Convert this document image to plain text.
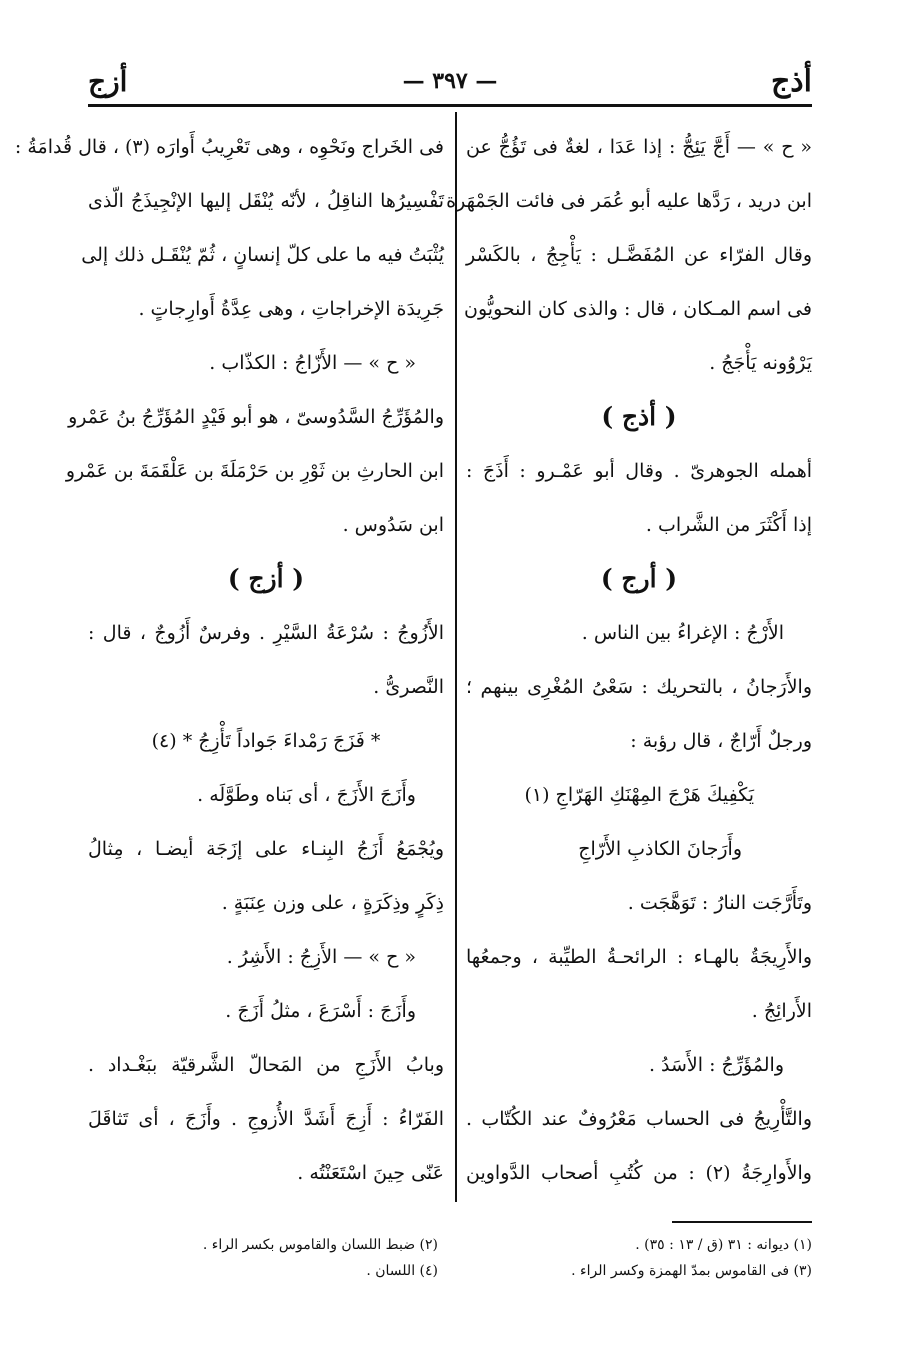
أزج	— ٣٩٧ —	أذج
« ح » — أَجَّ يَئِجُّ : إذا عَدَا ، لغةٌ فى تَؤُجُّ عن
ابن دريد ، رَدَّها عليه أبو عُمَر فى فائت الجَمْهَرة .
وقال الفرّاء عن المُفَضَّـل : يَأْجِجُ ، بالكَسْر
فى اسم المـكان ، قال : والذى كان النحويُّون
يَرْوُونه يَأْجَجُ .
( أذج )
أهمله الجوهرىّ . وقال أبو عَمْـرو : أَذَجَ :
إذا أَكْثَرَ من الشَّراب .
( أرج )
الأَرْجُ : الإغراءُ بين الناس .
والأَرَجانُ ، بالتحريك : سَعْىُ المُغْرِى بينهم ؛
ورجلٌ أَرّاجٌ ، قال رؤبة :
يَكْفِيكَ هَرْجَ المِهْنَكِ الهَرّاجِ (١)
وأَرَجانَ الكاذبِ الأَرّاجِ
وتَأَرَّجَت النارُ : تَوَهَّجَت .
والأَرِيجَةُ بالهـاء : الرائحـةُ الطيِّبة ، وجمعُها
الأَرائِجُ .
والمُؤَرِّجُ : الأَسَدُ .
والتَّأْرِيجُ فى الحساب مَعْرُوفٌ عند الكُتّاب .
والأَوارِجَةُ (٢) : من كُتُبِ أصحاب الدَّواوين
فى الخَراج ونَحْوِه ، وهى تَعْرِيبُ أَوارَه (٣) ، قال قُدامَةُ :
تَفْسِيرُها الناقِلُ ، لأنّه يُنْقَل إليها الإنْجِيذَجُ الّذى
يُثْبَتُ فيه ما على كلّ إنسانٍ ، ثُمّ يُنْقَـل ذلك إلى
جَرِيدَة الإخراجاتِ ، وهى عِدَّةُ أَوارِجاتٍ .
« ح » — الأَزّاجُ : الكذّاب .
والمُؤَرِّجُ السَّدُوسىّ ، هو أبو فَيْدٍ المُؤَرِّجُ بنُ عَمْرو
ابن الحارثِ بن ثَوْرِ بن حَرْمَلَةَ بن عَلْقَمَةَ بن عَمْرو
ابن سَدُوس .
( أزج )
الأَزُوجُ : سُرْعَةُ السَّيْرِ . وفرسٌ أَزُوجٌ ، قال :
النَّصرىُّ .
* فَزَجَ رَمْداءَ جَواداً تَأْزِجُ * (٤)
وأَزَجَ الأَزَجَ ، أى بَناه وطَوَّلَه .
ويُجْمَعُ أَزَجُ البِنـاء على إزَجَة أيضـا ، مِثالُ
ذِكَرٍ وذِكَرَةٍ ، على وزن عِنَبَةٍ .
« ح » — الأَزِجُ : الأَشِرُ .
وأَزَجَ : أَسْرَعَ ، مثلُ أَزَجَ .
وبابُ الأَزَجِ من المَحالّ الشَّرقيّة ببَغْـداد .
الفَرّاءُ : أَزِجَ أَشَدَّ الأُزوجِ . وأَزَجَ ، أى تَثاقَلَ
عَنّى حِينَ اسْتَعَنْتُه .
(١) ديوانه : ٣١ (ق / ١٣ : ٣٥) .
(٣) فى القاموس بمدّ الهمزة وكسر الراء .
(٢) ضبط اللسان والقاموس بكسر الراء .
(٤) اللسان .
